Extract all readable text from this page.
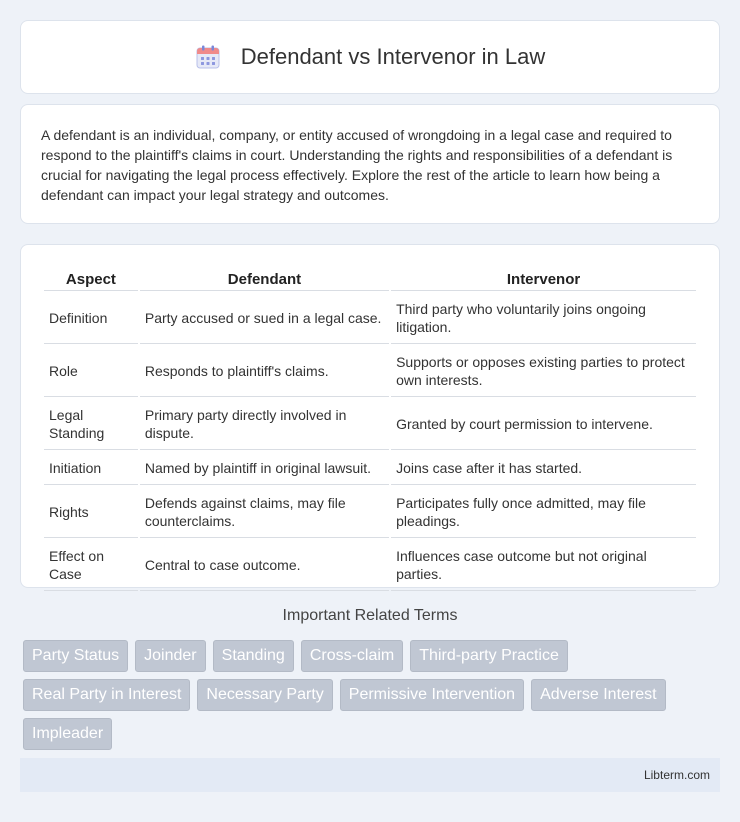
Defendant vs Intervenor in Law

A defendant is an individual, company, or entity accused of wrongdoing in a legal case and required to respond to the plaintiff's claims in court. Understanding the rights and responsibilities of a defendant is crucial for navigating the legal process effectively. Explore the rest of the article to learn how being a defendant can impact your legal strategy and outcomes.

Aspect	Defendant	Intervenor
Definition	Party accused or sued in a legal case.	Third party who voluntarily joins ongoing litigation.
Role	Responds to plaintiff's claims.	Supports or opposes existing parties to protect own interests.
Legal Standing	Primary party directly involved in dispute.	Granted by court permission to intervene.
Initiation	Named by plaintiff in original lawsuit.	Joins case after it has started.
Rights	Defends against claims, may file counterclaims.	Participates fully once admitted, may file pleadings.
Effect on Case	Central to case outcome.	Influences case outcome but not original parties.
Important Related Terms
Party Status	Joinder	Standing	Cross-claim	Third-party Practice
Real Party in Interest	Necessary Party	Permissive Intervention	Adverse Interest
Impleader
Libterm.com
